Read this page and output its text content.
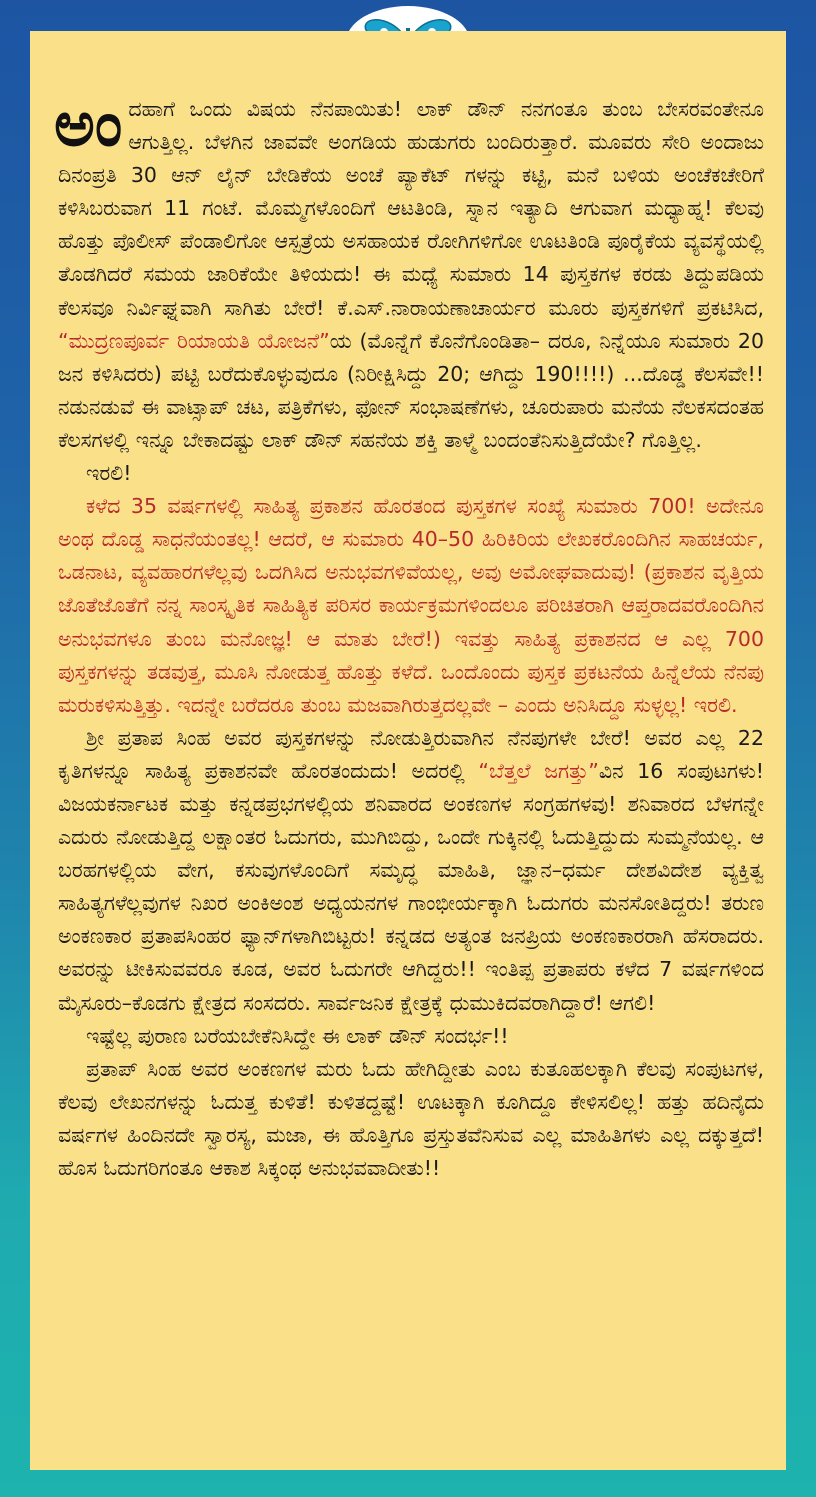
ಅಂದಹಾಗೆ ಒಂದು ವಿಷಯ ನೆನಪಾಯಿತು! ಲಾಕ್ ಡೌನ್ ನನಗಂತೂ ತುಂಬ ಬೇಸರವಂತೇನೂ ಆಗುತ್ತಿಲ್ಲ. ಬೆಳಗಿನ ಜಾವವೇ ಅಂಗಡಿಯ ಹುಡುಗರು ಬಂದಿರುತ್ತಾರೆ. ಮೂವರು ಸೇರಿ ಅಂದಾಜು ದಿನಂಪ್ರತಿ 30 ಆನ್ ಲೈನ್ ಬೇಡಿಕೆಯ ಅಂಚೆ ಪ್ಯಾಕೆಟ್ ಗಳನ್ನು ಕಟ್ಟಿ, ಮನೆ ಬಳಿಯ ಅಂಚೆಕಚೇರಿಗೆ ಕಳಿಸಿಬರುವಾಗ 11 ಗಂಟೆ. ಮೊಮ್ಮಗಳೊಂದಿಗೆ ಆಟತಿಂಡಿ, ಸ್ನಾನ ಇತ್ಯಾದಿ ಆಗುವಾಗ ಮಧ್ಯಾಹ್ನ! ಕೆಲವು ಹೊತ್ತು ಪೊಲೀಸ್ ಪೆಂಡಾಲಿಗೋ ಆಸ್ಪತ್ರೆಯ ಅಸಹಾಯಕ ರೋಗಿಗಳಿಗೋ ಊಟತಿಂಡಿ ಪೂರೈಕೆಯ ವ್ಯವಸ್ಥೆಯಲ್ಲಿ ತೊಡಗಿದರೆ ಸಮಯ ಜಾರಿಕೆಯೇ ತಿಳಿಯದು! ಈ ಮಧ್ಯೆ ಸುಮಾರು 14 ಪುಸ್ತಕಗಳ ಕರಡು ತಿದ್ದುಪಡಿಯ ಕೆಲಸವೂ ನಿರ್ವಿಘ್ನವಾಗಿ ಸಾಗಿತು ಬೇರೆ! ಕೆ.ಎಸ್.ನಾರಾಯಣಾಚಾರ್ಯರ ಮೂರು ಪುಸ್ತಕಗಳಿಗೆ ಪ್ರಕಟಿಸಿದ, “ಮುದ್ರಣಪೂರ್ವ ರಿಯಾಯತಿ ಯೋಜನೆ”ಯ (ಮೊನ್ನೆಗೆ ಕೊನೆಗೊಂಡಿತಾ– ದರೂ, ನಿನ್ನೆಯೂ ಸುಮಾರು 20 ಜನ ಕಳಿಸಿದರು) ಪಟ್ಟಿ ಬರೆದುಕೊಳ್ಳುವುದೂ (ನಿರೀಕ್ಷಿಸಿದ್ದು 20; ಆಗಿದ್ದು 190!!!!) ...ದೊಡ್ಡ ಕೆಲಸವೇ!! ನಡುನಡುವೆ ಈ ವಾಟ್ಸಾಪ್ ಚಟ, ಪತ್ರಿಕೆಗಳು, ಫೋನ್ ಸಂಭಾಷಣೆಗಳು, ಚೂರುಪಾರು ಮನೆಯ ನೆಲಕಸದಂತಹ ಕೆಲಸಗಳಲ್ಲಿ ಇನ್ನೂ ಬೇಕಾದಷ್ಟು ಲಾಕ್ ಡೌನ್ ಸಹನೆಯ ಶಕ್ತಿ ತಾಳ್ಮೆ ಬಂದಂತೆನಿಸುತ್ತಿದೆಯೇ? ಗೊತ್ತಿಲ್ಲ.

ಇರಲಿ!

ಕಳೆದ 35 ವರ್ಷಗಳಲ್ಲಿ ಸಾಹಿತ್ಯ ಪ್ರಕಾಶನ ಹೊರತಂದ ಪುಸ್ತಕಗಳ ಸಂಖ್ಯೆ ಸುಮಾರು 700! ಅದೇನೂ ಅಂಥ ದೊಡ್ಡ ಸಾಧನೆಯಂತಲ್ಲ! ಆದರೆ, ಆ ಸುಮಾರು 40–50 ಹಿರಿಕಿರಿಯ ಲೇಖಕರೊಂದಿಗಿನ ಸಾಹಚರ್ಯ, ಒಡನಾಟ, ವ್ಯವಹಾರಗಳೆಲ್ಲವು ಒದಗಿಸಿದ ಅನುಭವಗಳಿವೆಯಲ್ಲ, ಅವು ಅಮೋಘವಾದುವು! (ಪ್ರಕಾಶನ ವೃತ್ತಿಯ ಜೊತೆಜೊತೆಗೆ ನನ್ನ ಸಾಂಸ್ಕೃತಿಕ ಸಾಹಿತ್ಯಿಕ ಪರಿಸರ ಕಾರ್ಯಕ್ರಮಗಳಿಂದಲೂ ಪರಿಚಿತರಾಗಿ ಆಪ್ತರಾದವರೊಂದಿಗಿನ ಅನುಭವಗಳೂ ತುಂಬ ಮನೋಜ್ಞ! ಆ ಮಾತು ಬೇರೆ!) ಇವತ್ತು ಸಾಹಿತ್ಯ ಪ್ರಕಾಶನದ ಆ ಎಲ್ಲ 700 ಪುಸ್ತಕಗಳನ್ನು ತಡವುತ್ತ, ಮೂಸಿ ನೋಡುತ್ತ ಹೊತ್ತು ಕಳೆದೆ. ಒಂದೊಂದು ಪುಸ್ತಕ ಪ್ರಕಟನೆಯ ಹಿನ್ನೆಲೆಯ ನೆನಪು ಮರುಕಳಿಸುತ್ತಿತ್ತು. ಇದನ್ನೇ ಬರೆದರೂ ತುಂಬ ಮಜವಾಗಿರುತ್ತದಲ್ಲವೇ – ಎಂದು ಅನಿಸಿದ್ದೂ ಸುಳ್ಳಲ್ಲ! ಇರಲಿ.

ಶ್ರೀ ಪ್ರತಾಪ ಸಿಂಹ ಅವರ ಪುಸ್ತಕಗಳನ್ನು ನೋಡುತ್ತಿರುವಾಗಿನ ನೆನಪುಗಳೇ ಬೇರೆ! ಅವರ ಎಲ್ಲ 22 ಕೃತಿಗಳನ್ನೂ ಸಾಹಿತ್ಯ ಪ್ರಕಾಶನವೇ ಹೊರತಂದುದು! ಅದರಲ್ಲಿ “ಬೆತ್ತಲೆ ಜಗತ್ತು”ವಿನ 16 ಸಂಪುಟಗಳು! ವಿಜಯಕರ್ನಾಟಕ ಮತ್ತು ಕನ್ನಡಪ್ರಭಗಳಲ್ಲಿಯ ಶನಿವಾರದ ಅಂಕಣಗಳ ಸಂಗ್ರಹಗಳವು! ಶನಿವಾರದ ಬೆಳಗನ್ನೇ ಎದುರು ನೋಡುತ್ತಿದ್ದ ಲಕ್ಷಾಂತರ ಓದುಗರು, ಮುಗಿಬಿದ್ದು, ಒಂದೇ ಗುಕ್ಕಿನಲ್ಲಿ ಓದುತ್ತಿದ್ದುದು ಸುಮ್ಮನೆಯಲ್ಲ. ಆ ಬರಹಗಳಲ್ಲಿಯ ವೇಗ, ಕಸುವುಗಳೊಂದಿಗೆ ಸಮೃದ್ಧ ಮಾಹಿತಿ, ಜ್ಞಾನ–ಧರ್ಮ ದೇಶವಿದೇಶ ವ್ಯಕ್ತಿತ್ವ ಸಾಹಿತ್ಯಗಳೆಲ್ಲವುಗಳ ನಿಖರ ಅಂಕಿಅಂಶ ಅಧ್ಯಯನಗಳ ಗಾಂಭೀರ್ಯಕ್ಕಾಗಿ ಓದುಗರು ಮನಸೋತಿದ್ದರು! ತರುಣ ಅಂಕಣಕಾರ ಪ್ರತಾಪಸಿಂಹರ ಫ್ಯಾನ್‌ಗಳಾಗಿಬಿಟ್ಟರು! ಕನ್ನಡದ ಅತ್ಯಂತ ಜನಪ್ರಿಯ ಅಂಕಣಕಾರರಾಗಿ ಹೆಸರಾದರು. ಅವರನ್ನು ಟೀಕಿಸುವವರೂ ಕೂಡ, ಅವರ ಓದುಗರೇ ಆಗಿದ್ದರು!! ಇಂತಿಪ್ಪ ಪ್ರತಾಪರು ಕಳೆದ 7 ವರ್ಷಗಳಿಂದ ಮೈಸೂರು–ಕೊಡಗು ಕ್ಷೇತ್ರದ ಸಂಸದರು. ಸಾರ್ವಜನಿಕ ಕ್ಷೇತ್ರಕ್ಕೆ ಧುಮುಕಿದವರಾಗಿದ್ದಾರೆ! ಆಗಲಿ!

ಇಷ್ಟೆಲ್ಲ ಪುರಾಣ ಬರೆಯಬೇಕೆನಿಸಿದ್ದೇ ಈ ಲಾಕ್ ಡೌನ್ ಸಂದರ್ಭ!!

ಪ್ರತಾಪ್ ಸಿಂಹ ಅವರ ಅಂಕಣಗಳ ಮರು ಓದು ಹೇಗಿದ್ದೀತು ಎಂಬ ಕುತೂಹಲಕ್ಕಾಗಿ ಕೆಲವು ಸಂಪುಟಗಳ, ಕೆಲವು ಲೇಖನಗಳನ್ನು ಓದುತ್ತ ಕುಳಿತೆ! ಕುಳಿತದ್ದಷ್ಟೆ! ಊಟಕ್ಕಾಗಿ ಕೂಗಿದ್ದೂ ಕೇಳಿಸಲಿಲ್ಲ! ಹತ್ತು ಹದಿನೈದು ವರ್ಷಗಳ ಹಿಂದಿನದೇ ಸ್ವಾರಸ್ಯ, ಮಜಾ, ಈ ಹೊತ್ತಿಗೂ ಪ್ರಸ್ತುತವೆನಿಸುವ ಎಲ್ಲ ಮಾಹಿತಿಗಳು ಎಲ್ಲ ದಕ್ಕುತ್ತದೆ! ಹೊಸ ಓದುಗರಿಗಂತೂ ಆಕಾಶ ಸಿಕ್ಕಂಥ ಅನುಭವವಾದೀತು!!
